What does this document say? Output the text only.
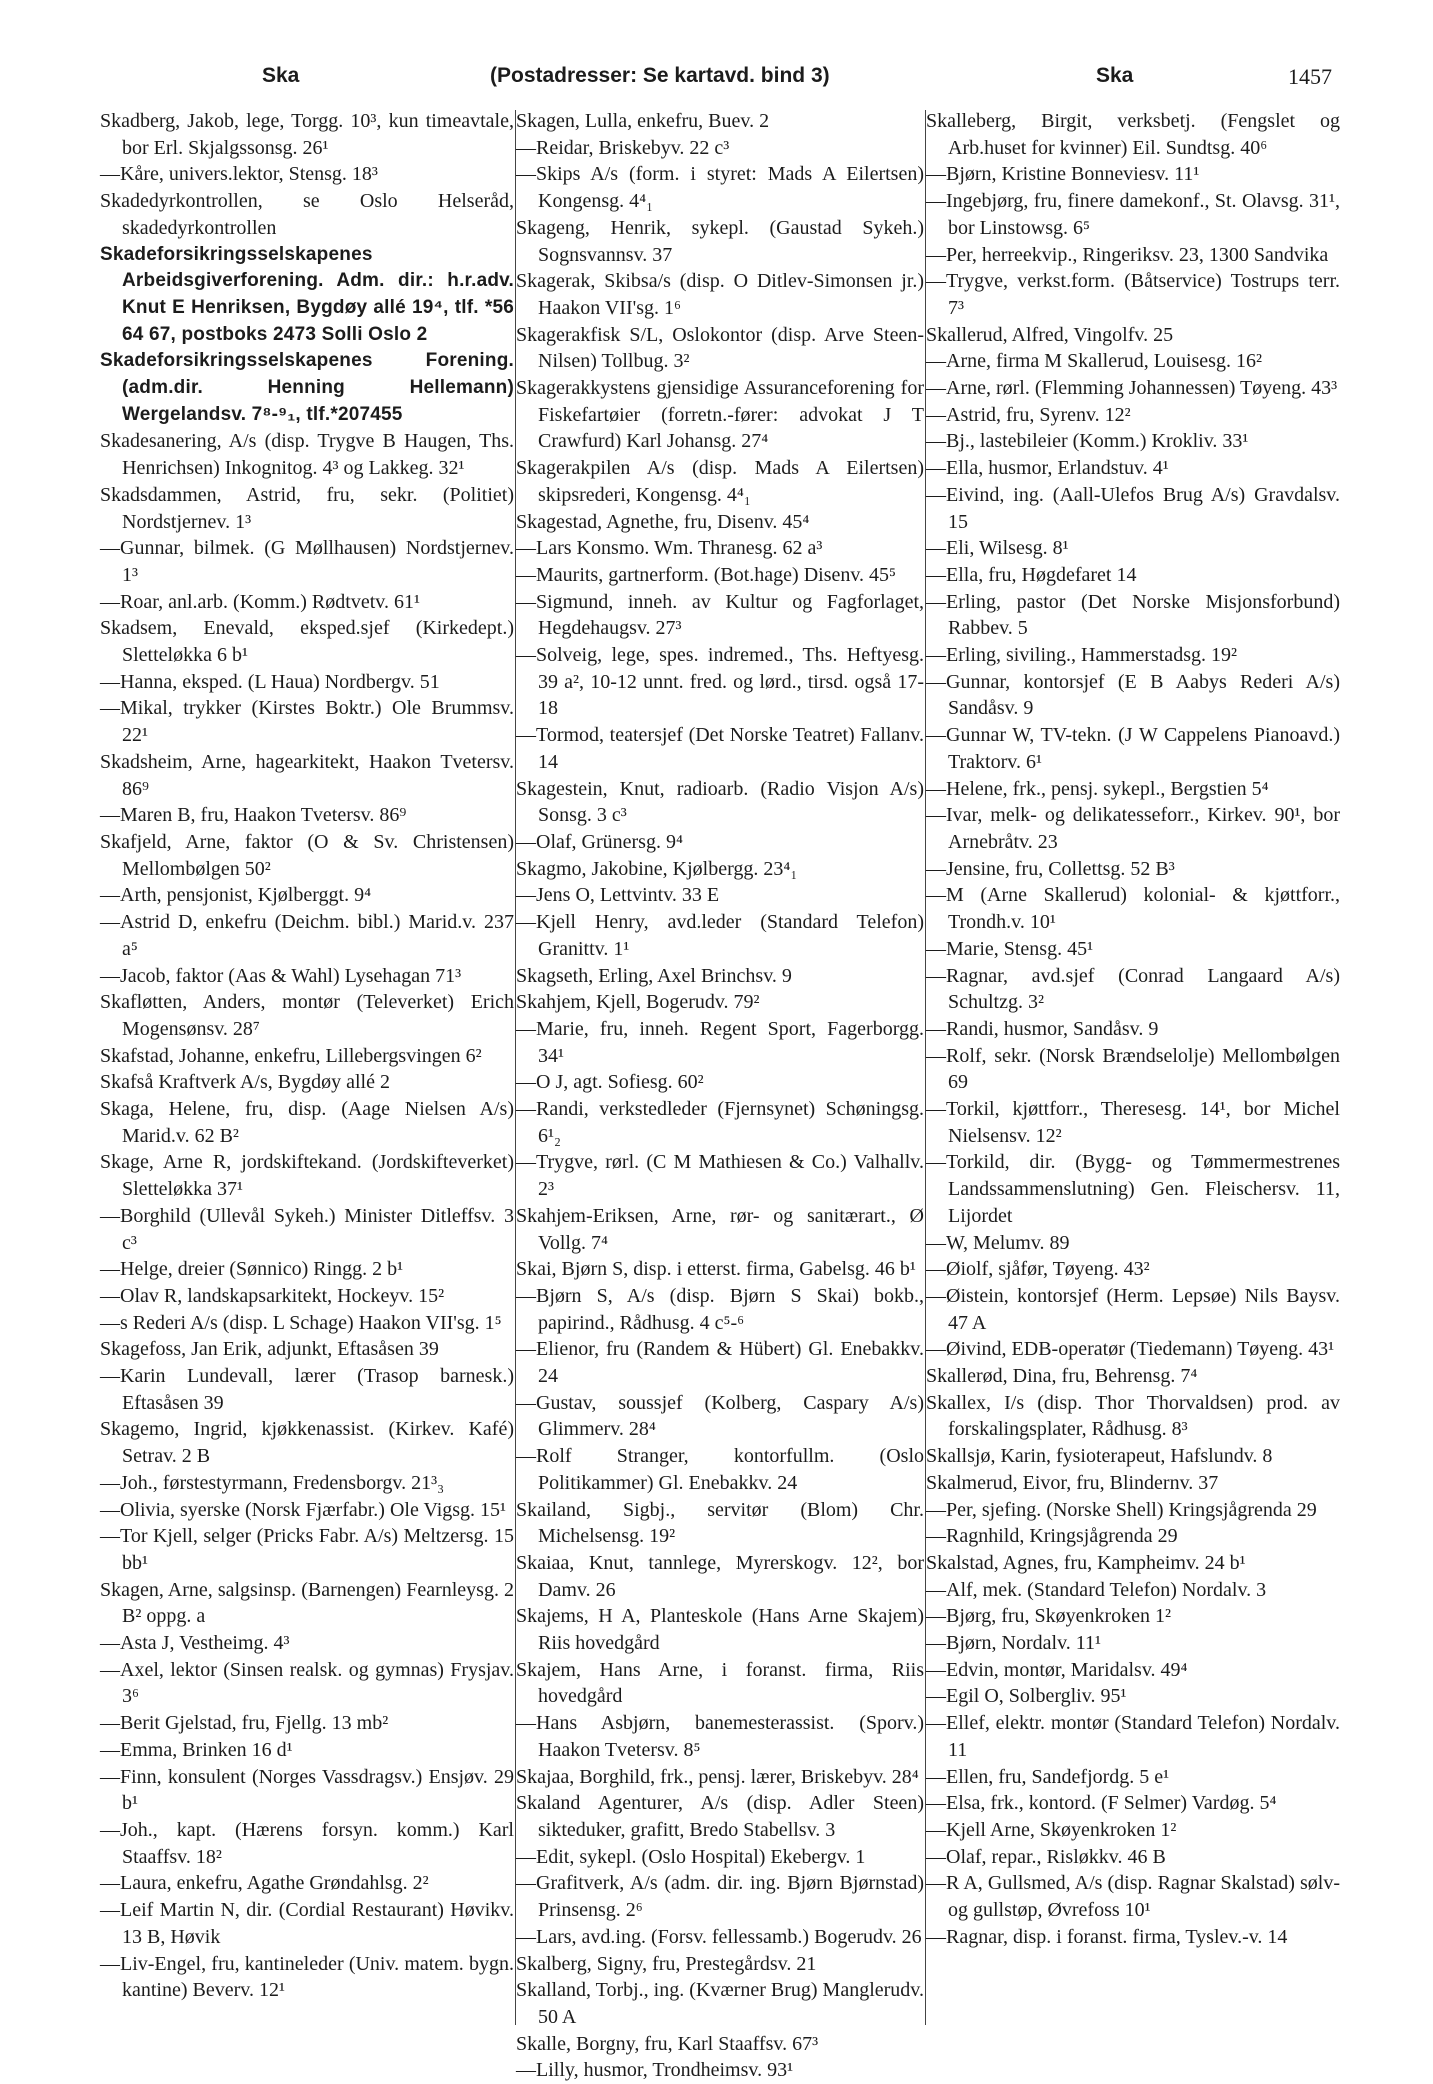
Ska	(Postadresser: Se kartavd. bind 3)	Ska	1457

Skadberg, Jakob, lege, Torgg. 10³, kun timeavtale, bor Erl. Skjalgssonsg. 26¹

—Kåre, univers.lektor, Stensg. 18³

Skadedyrkontrollen, se Oslo Helseråd, skadedyrkontrollen

Skadeforsikringsselskapenes Arbeidsgiverforening. Adm. dir.: h.r.adv. Knut E Henriksen, Bygdøy allé 19⁴, tlf. *56 64 67, postboks 2473 Solli Oslo 2

Skadeforsikringsselskapenes Forening. (adm.dir. Henning Hellemann) Wergelandsv. 7⁸-⁹₁, tlf.*207455

Skadesanering, A/s (disp. Trygve B Haugen, Ths. Henrichsen) Inkognitog. 4³ og Lakkeg. 32¹

Skadsdammen, Astrid, fru, sekr. (Politiet) Nordstjernev. 1³

—Gunnar, bilmek. (G Møllhausen) Nordstjernev. 1³

—Roar, anl.arb. (Komm.) Rødtvetv. 61¹

Skadsem, Enevald, eksped.sjef (Kirkedept.) Sletteløkka 6 b¹

—Hanna, eksped. (L Haua) Nordbergv. 51

—Mikal, trykker (Kirstes Boktr.) Ole Brummsv. 22¹

Skadsheim, Arne, hagearkitekt, Haakon Tvetersv. 86⁹

—Maren B, fru, Haakon Tvetersv. 86⁹

Skafjeld, Arne, faktor (O & Sv. Christensen) Mellombølgen 50²

—Arth, pensjonist, Kjølberggt. 9⁴

—Astrid D, enkefru (Deichm. bibl.) Marid.v. 237 a⁵

—Jacob, faktor (Aas & Wahl) Lysehagan 71³

Skafløtten, Anders, montør (Televerket) Erich Mogensønsv. 28⁷

Skafstad, Johanne, enkefru, Lillebergsvingen 6²

Skafså Kraftverk A/s, Bygdøy allé 2

Skaga, Helene, fru, disp. (Aage Nielsen A/s) Marid.v. 62 B²

Skage, Arne R, jordskiftekand. (Jordskifteverket) Sletteløkka 37¹

—Borghild (Ullevål Sykeh.) Minister Ditleffsv. 3 c³

—Helge, dreier (Sønnico) Ringg. 2 b¹

—Olav R, landskapsarkitekt, Hockeyv. 15²

—s Rederi A/s (disp. L Schage) Haakon VII'sg. 1⁵

Skagefoss, Jan Erik, adjunkt, Eftasåsen 39

—Karin Lundevall, lærer (Trasop barnesk.) Eftasåsen 39

Skagemo, Ingrid, kjøkkenassist. (Kirkev. Kafé) Setrav. 2 B

—Joh., førstestyrmann, Fredensborgv. 21³₃

—Olivia, syerske (Norsk Fjærfabr.) Ole Vigsg. 15¹

—Tor Kjell, selger (Pricks Fabr. A/s) Meltzersg. 15 bb¹

Skagen, Arne, salgsinsp. (Barnengen) Fearnleysg. 2 B² oppg. a

—Asta J, Vestheimg. 4³

—Axel, lektor (Sinsen realsk. og gymnas) Frysjav. 3⁶

—Berit Gjelstad, fru, Fjellg. 13 mb²

—Emma, Brinken 16 d¹

—Finn, konsulent (Norges Vassdragsv.) Ensjøv. 29 b¹

—Joh., kapt. (Hærens forsyn. komm.) Karl Staaffsv. 18²

—Laura, enkefru, Agathe Grøndahlsg. 2²

—Leif Martin N, dir. (Cordial Restaurant) Høvikv. 13 B, Høvik

—Liv-Engel, fru, kantineleder (Univ. matem. bygn. kantine) Beverv. 12¹

Skagen, Lulla, enkefru, Buev. 2

—Reidar, Briskebyv. 22 c³

—Skips A/s (form. i styret: Mads A Eilertsen) Kongensg. 4⁴₁

Skageng, Henrik, sykepl. (Gaustad Sykeh.) Sognsvannsv. 37

Skagerak, Skibsa/s (disp. O Ditlev-Simonsen jr.) Haakon VII'sg. 1⁶

Skagerakfisk S/L, Oslokontor (disp. Arve Steen-Nilsen) Tollbug. 3²

Skagerakkystens gjensidige Assuranceforening for Fiskefartøier (forretn.-fører: advokat J T Crawfurd) Karl Johansg. 27⁴

Skagerakpilen A/s (disp. Mads A Eilertsen) skipsrederi, Kongensg. 4⁴₁

Skagestad, Agnethe, fru, Disenv. 45⁴

—Lars Konsmo. Wm. Thranesg. 62 a³

—Maurits, gartnerform. (Bot.hage) Disenv. 45⁵

—Sigmund, inneh. av Kultur og Fagforlaget, Hegdehaugsv. 27³

—Solveig, lege, spes. indremed., Ths. Heftyesg. 39 a², 10-12 unnt. fred. og lørd., tirsd. også 17-18

—Tormod, teatersjef (Det Norske Teatret) Fallanv. 14

Skagestein, Knut, radioarb. (Radio Visjon A/s) Sonsg. 3 c³

—Olaf, Grünersg. 9⁴

Skagmo, Jakobine, Kjølbergg. 23⁴₁

—Jens O, Lettvintv. 33 E

—Kjell Henry, avd.leder (Standard Telefon) Granittv. 1¹

Skagseth, Erling, Axel Brinchsv. 9

Skahjem, Kjell, Bogerudv. 79²

—Marie, fru, inneh. Regent Sport, Fagerborgg. 34¹

—O J, agt. Sofiesg. 60²

—Randi, verkstedleder (Fjernsynet) Schøningsg. 6¹₂

—Trygve, rørl. (C M Mathiesen & Co.) Valhallv. 2³

Skahjem-Eriksen, Arne, rør- og sanitærart., Ø Vollg. 7⁴

Skai, Bjørn S, disp. i etterst. firma, Gabelsg. 46 b¹

—Bjørn S, A/s (disp. Bjørn S Skai) bokb., papirind., Rådhusg. 4 c⁵-⁶

—Elienor, fru (Randem & Hübert) Gl. Enebakkv. 24

—Gustav, soussjef (Kolberg, Caspary A/s) Glimmerv. 28⁴

—Rolf Stranger, kontorfullm. (Oslo Politikammer) Gl. Enebakkv. 24

Skailand, Sigbj., servitør (Blom) Chr. Michelsensg. 19²

Skaiaa, Knut, tannlege, Myrerskogv. 12², bor Damv. 26

Skajems, H A, Planteskole (Hans Arne Skajem) Riis hovedgård

Skajem, Hans Arne, i foranst. firma, Riis hovedgård

—Hans Asbjørn, banemesterassist. (Sporv.) Haakon Tvetersv. 8⁵

Skajaa, Borghild, frk., pensj. lærer, Briskebyv. 28⁴

Skaland Agenturer, A/s (disp. Adler Steen) sikteduker, grafitt, Bredo Stabellsv. 3

—Edit, sykepl. (Oslo Hospital) Ekebergv. 1

—Grafitverk, A/s (adm. dir. ing. Bjørn Bjørnstad) Prinsensg. 2⁶

—Lars, avd.ing. (Forsv. fellessamb.) Bogerudv. 26

Skalberg, Signy, fru, Prestegårdsv. 21

Skalland, Torbj., ing. (Kværner Brug) Manglerudv. 50 A

Skalle, Borgny, fru, Karl Staaffsv. 67³

—Lilly, husmor, Trondheimsv. 93¹

Skalleberg, Birgit, verksbetj. (Fengslet og Arb.huset for kvinner) Eil. Sundtsg. 40⁶

—Bjørn, Kristine Bonneviesv. 11¹

—Ingebjørg, fru, finere damekonf., St. Olavsg. 31¹, bor Linstowsg. 6⁵

—Per, herreekvip., Ringeriksv. 23, 1300 Sandvika

—Trygve, verkst.form. (Båtservice) Tostrups terr. 7³

Skallerud, Alfred, Vingolfv. 25

—Arne, firma M Skallerud, Louisesg. 16²

—Arne, rørl. (Flemming Johannessen) Tøyeng. 43³

—Astrid, fru, Syrenv. 12²

—Bj., lastebileier (Komm.) Krokliv. 33¹

—Ella, husmor, Erlandstuv. 4¹

—Eivind, ing. (Aall-Ulefos Brug A/s) Gravdalsv. 15

—Eli, Wilsesg. 8¹

—Ella, fru, Høgdefaret 14

—Erling, pastor (Det Norske Misjonsforbund) Rabbev. 5

—Erling, siviling., Hammerstadsg. 19²

—Gunnar, kontorsjef (E B Aabys Rederi A/s) Sandåsv. 9

—Gunnar W, TV-tekn. (J W Cappelens Pianoavd.) Traktorv. 6¹

—Helene, frk., pensj. sykepl., Bergstien 5⁴

—Ivar, melk- og delikatesseforr., Kirkev. 90¹, bor Arnebråtv. 23

—Jensine, fru, Collettsg. 52 B³

—M (Arne Skallerud) kolonial- & kjøttforr., Trondh.v. 10¹

—Marie, Stensg. 45¹

—Ragnar, avd.sjef (Conrad Langaard A/s) Schultzg. 3²

—Randi, husmor, Sandåsv. 9

—Rolf, sekr. (Norsk Brændselolje) Mellombølgen 69

—Torkil, kjøttforr., Theresesg. 14¹, bor Michel Nielsensv. 12²

—Torkild, dir. (Bygg- og Tømmermestrenes Landssammenslutning) Gen. Fleischersv. 11, Lijordet

—W, Melumv. 89

—Øiolf, sjåfør, Tøyeng. 43²

—Øistein, kontorsjef (Herm. Lepsøe) Nils Baysv. 47 A

—Øivind, EDB-operatør (Tiedemann) Tøyeng. 43¹

Skallerød, Dina, fru, Behrensg. 7⁴

Skallex, I/s (disp. Thor Thorvaldsen) prod. av forskalingsplater, Rådhusg. 8³

Skallsjø, Karin, fysioterapeut, Hafslundv. 8

Skalmerud, Eivor, fru, Blindernv. 37

—Per, sjefing. (Norske Shell) Kringsjågrenda 29

—Ragnhild, Kringsjågrenda 29

Skalstad, Agnes, fru, Kampheimv. 24 b¹

—Alf, mek. (Standard Telefon) Nordalv. 3

—Bjørg, fru, Skøyenkroken 1²

—Bjørn, Nordalv. 11¹

—Edvin, montør, Maridalsv. 49⁴

—Egil O, Solbergliv. 95¹

—Ellef, elektr. montør (Standard Telefon) Nordalv. 11

—Ellen, fru, Sandefjordg. 5 e¹

—Elsa, frk., kontord. (F Selmer) Vardøg. 5⁴

—Kjell Arne, Skøyenkroken 1²

—Olaf, repar., Risløkkv. 46 B

—R A, Gullsmed, A/s (disp. Ragnar Skalstad) sølv- og gullstøp, Øvrefoss 10¹

—Ragnar, disp. i foranst. firma, Tyslev.-v. 14
